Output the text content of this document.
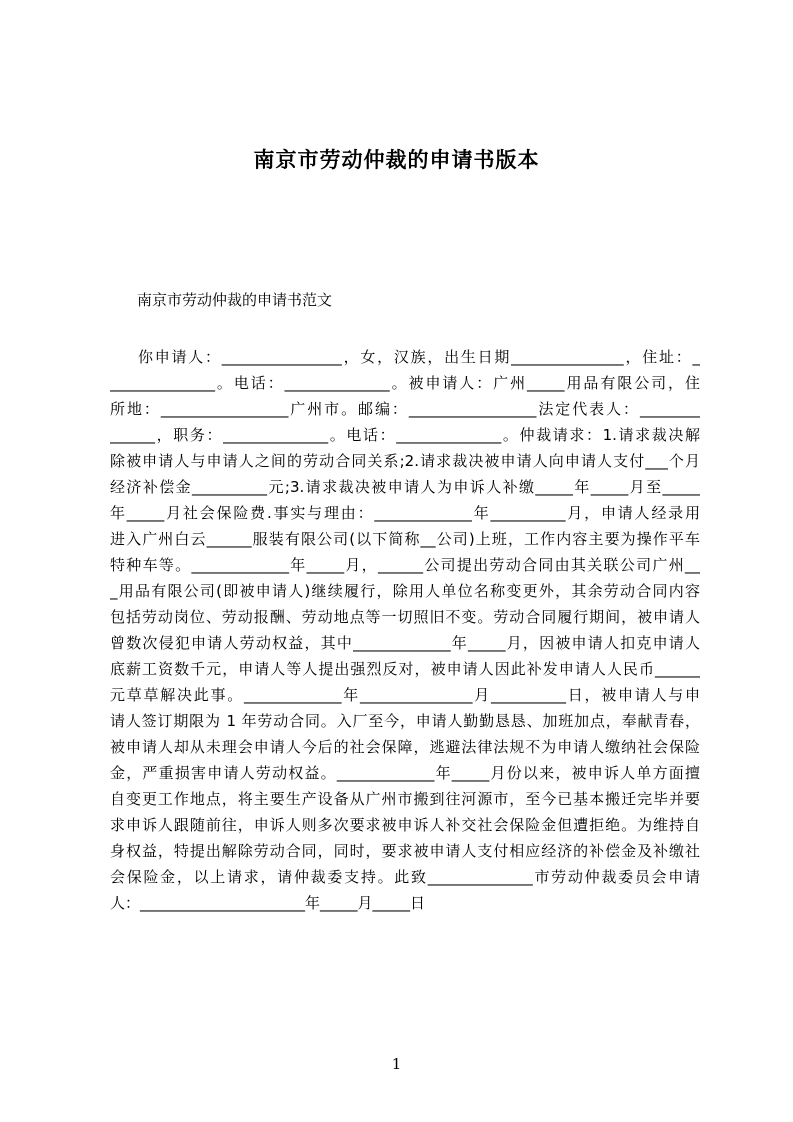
南京市劳动仲裁的申请书版本
南京市劳动仲裁的申请书范文
你申请人：________________，女，汉族，出生日期_______________，住址：_
______________。电话：______________。被申请人：广州_____用品有限公司，住
所地：_________________广州市。邮编：_________________法定代表人：________
______，职务：______________。电话：______________。仲裁请求：1.请求裁决解
除被申请人与申请人之间的劳动合同关系;2.请求裁决被申请人向申请人支付___个月
经济补偿金__________元;3.请求裁决被申请人为申诉人补缴_____年_____月至_____
年_____月社会保险费.事实与理由：_____________年__________月，申请人经录用
进入广州白云______服装有限公司(以下简称__公司)上班，工作内容主要为操作平车
特种车等。_____________年_____月，______公司提出劳动合同由其关联公司广州__
_用品有限公司(即被申请人)继续履行，除用人单位名称变更外，其余劳动合同内容
包括劳动岗位、劳动报酬、劳动地点等一切照旧不变。劳动合同履行期间，被申请人
曾数次侵犯申请人劳动权益，其中_____________年_____月，因被申请人扣克申请人
底薪工资数千元，申请人等人提出强烈反对，被申请人因此补发申请人人民币______
元草草解决此事。_____________年_______________月__________日，被申请人与申
请人签订期限为 1 年劳动合同。入厂至今，申请人勤勤恳恳、加班加点，奉献青春，
被申请人却从未理会申请人今后的社会保障，逃避法律法规不为申请人缴纳社会保险
金，严重损害申请人劳动权益。_____________年_____月份以来，被申诉人单方面擅
自变更工作地点，将主要生产设备从广州市搬到往河源市，至今已基本搬迁完毕并要
求申诉人跟随前往，申诉人则多次要求被申诉人补交社会保险金但遭拒绝。为维持自
身权益，特提出解除劳动合同，同时，要求被申请人支付相应经济的补偿金及补缴社
会保险金，以上请求，请仲裁委支持。此致______________市劳动仲裁委员会申请
人：______________________年_____月_____日
1
